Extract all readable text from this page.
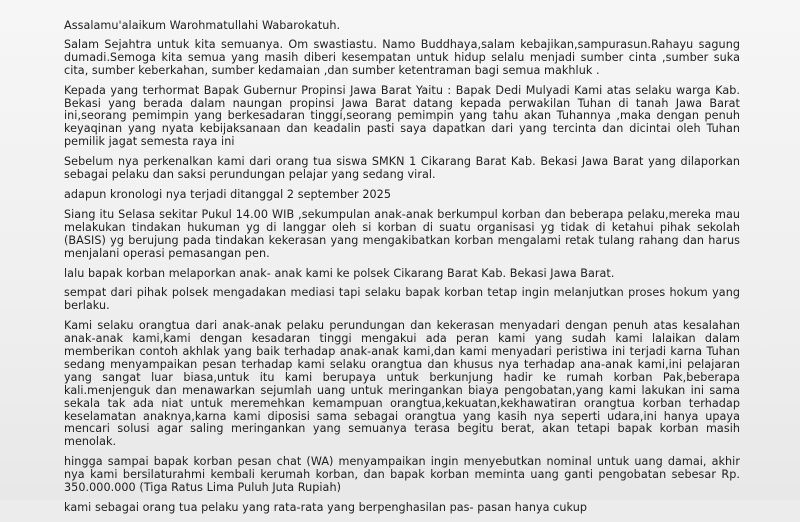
Assalamu'alaikum Warohmatullahi Wabarokatuh.

Salam Sejahtra untuk kita semuanya. Om swastiastu. Namo Buddhaya,salam kebajikan,sampurasun.Rahayu sagung dumadi.Semoga kita semua yang masih diberi kesempatan untuk hidup selalu menjadi sumber cinta ,sumber suka cita, sumber keberkahan, sumber kedamaian ,dan sumber ketentraman bagi semua makhluk .

Kepada yang terhormat Bapak Gubernur Propinsi Jawa Barat Yaitu : Bapak Dedi Mulyadi Kami atas selaku warga Kab. Bekasi yang berada dalam naungan propinsi Jawa Barat datang kepada perwakilan Tuhan di tanah Jawa Barat ini,seorang pemimpin yang berkesadaran tinggi,seorang pemimpin yang tahu akan Tuhannya ,maka dengan penuh keyaqinan yang nyata kebijaksanaan dan keadalin pasti saya dapatkan dari yang tercinta dan dicintai oleh Tuhan pemilik jagat semesta raya ini

Sebelum nya perkenalkan kami dari orang tua siswa SMKN 1 Cikarang Barat Kab. Bekasi Jawa Barat yang dilaporkan sebagai pelaku dan saksi perundungan pelajar yang sedang viral.

adapun kronologi nya terjadi ditanggal 2 september 2025

Siang itu Selasa sekitar Pukul 14.00 WIB ,sekumpulan anak-anak berkumpul korban dan beberapa pelaku,mereka mau melakukan tindakan hukuman yg di langgar oleh si korban di suatu organisasi yg tidak di ketahui pihak sekolah (BASIS) yg berujung pada tindakan kekerasan yang mengakibatkan korban mengalami retak tulang rahang dan harus menjalani operasi pemasangan pen.

lalu bapak korban melaporkan anak- anak kami ke polsek Cikarang Barat Kab. Bekasi Jawa Barat.

sempat dari pihak polsek mengadakan mediasi tapi selaku bapak korban tetap ingin melanjutkan proses hokum yang berlaku.

Kami selaku orangtua dari anak-anak pelaku perundungan dan kekerasan menyadari dengan penuh atas kesalahan anak-anak kami,kami dengan kesadaran tinggi mengakui ada peran kami yang sudah kami lalaikan dalam memberikan contoh akhlak yang baik terhadap anak-anak kami,dan kami menyadari peristiwa ini terjadi karna Tuhan sedang menyampaikan pesan terhadap kami selaku orangtua dan khusus nya terhadap ana-anak kami,ini pelajaran yang sangat luar biasa,untuk itu kami berupaya untuk berkunjung hadir ke rumah korban Pak,beberapa kali.menjenguk dan menawarkan sejumlah uang untuk meringankan biaya pengobatan,yang kami lakukan ini sama sekala tak ada niat untuk meremehkan kemampuan orangtua,kekuatan,kekhawatiran orangtua korban terhadap keselamatan anaknya,karna kami diposisi sama sebagai orangtua yang kasih nya seperti udara,ini hanya upaya mencari solusi agar saling meringankan yang semuanya terasa begitu berat, akan tetapi bapak korban masih menolak.

hingga sampai bapak korban pesan chat (WA) menyampaikan ingin menyebutkan nominal untuk uang damai, akhir nya kami bersilaturahmi kembali kerumah korban, dan bapak korban meminta uang ganti pengobatan sebesar Rp. 350.000.000 (Tiga Ratus Lima Puluh Juta Rupiah)

kami sebagai orang tua pelaku yang rata-rata yang berpenghasilan pas- pasan hanya cukup
